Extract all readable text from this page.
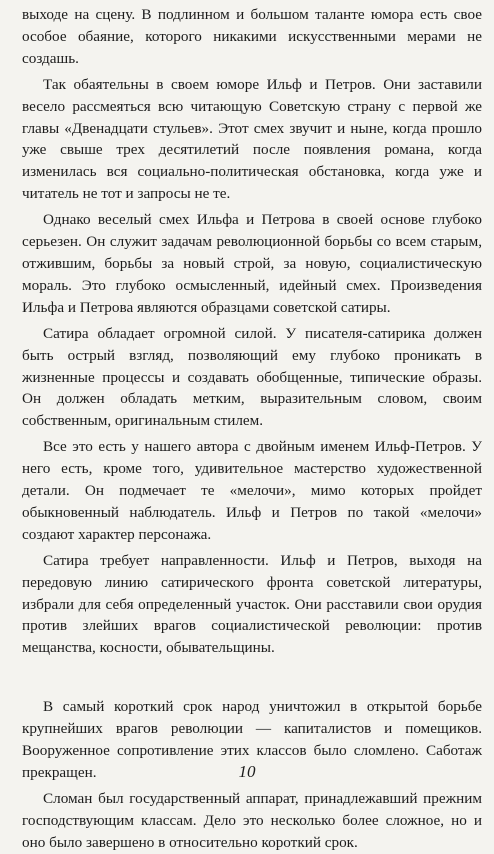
выходе на сцену. В подлинном и большом таланте юмора есть свое особое обаяние, которого никакими искусственными мерами не создашь.

Так обаятельны в своем юморе Ильф и Петров. Они заставили весело рассмеяться всю читающую Советскую страну с первой же главы «Двенадцати стульев». Этот смех звучит и ныне, когда прошло уже свыше трех десятилетий после появления романа, когда изменилась вся социально-политическая обстановка, когда уже и читатель не тот и запросы не те.

Однако веселый смех Ильфа и Петрова в своей основе глубоко серьезен. Он служит задачам революционной борьбы со всем старым, отжившим, борьбы за новый строй, за новую, социалистическую мораль. Это глубоко осмысленный, идейный смех. Произведения Ильфа и Петрова являются образцами советской сатиры.

Сатира обладает огромной силой. У писателя-сатирика должен быть острый взгляд, позволяющий ему глубоко проникать в жизненные процессы и создавать обобщенные, типические образы. Он должен обладать метким, выразительным словом, своим собственным, оригинальным стилем.

Все это есть у нашего автора с двойным именем Ильф-Петров. У него есть, кроме того, удивительное мастерство художественной детали. Он подмечает те «мелочи», мимо которых пройдет обыкновенный наблюдатель. Ильф и Петров по такой «мелочи» создают характер персонажа.

Сатира требует направленности. Ильф и Петров, выходя на передовую линию сатирического фронта советской литературы, избрали для себя определенный участок. Они расставили свои орудия против злейших врагов социалистической революции: против мещанства, косности, обывательщины.

В самый короткий срок народ уничтожил в открытой борьбе крупнейших врагов революции — капиталистов и помещиков. Вооруженное сопротивление этих классов было сломлено. Саботаж прекращен.

Сломан был государственный аппарат, принадлежавший прежним господствующим классам. Дело это несколько более сложное, но и оно было завершено в относительно короткий срок.

10
